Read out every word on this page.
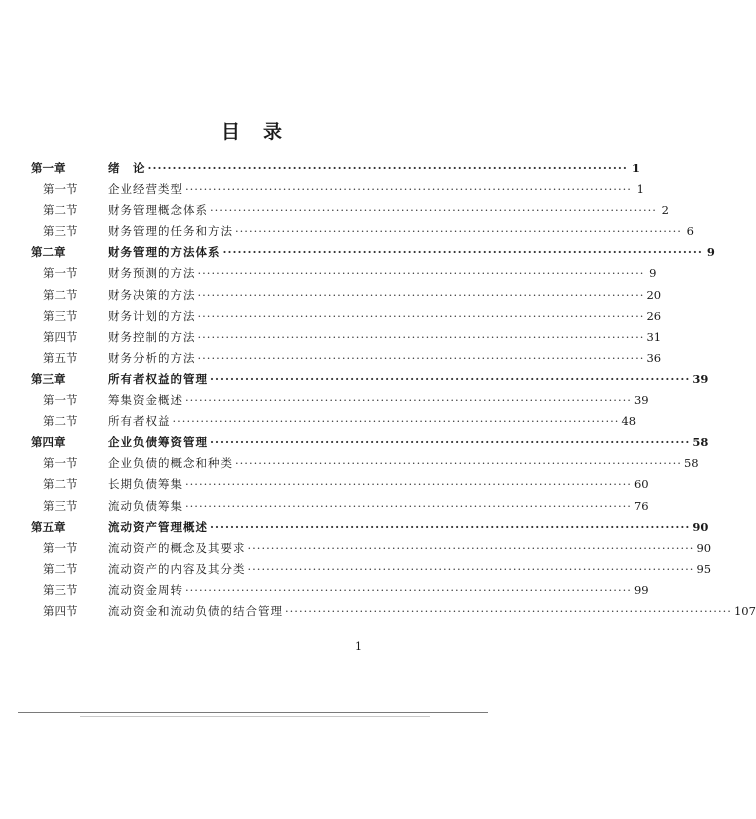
目　录
第一章	绪　论 ································································································ 1
第一节	企业经营类型 ································································································ 1
第二节	财务管理概念体系 ································································································ 2
第三节	财务管理的任务和方法 ································································································ 6
第二章	财务管理的方法体系 ································································································ 9
第一节	财务预测的方法 ································································································ 9
第二节	财务决策的方法 ································································································ 20
第三节	财务计划的方法 ································································································ 26
第四节	财务控制的方法 ································································································ 31
第五节	财务分析的方法 ································································································ 36
第三章	所有者权益的管理 ································································································ 39
第一节	筹集资金概述 ································································································ 39
第二节	所有者权益 ································································································ 48
第四章	企业负债筹资管理 ································································································ 58
第一节	企业负债的概念和种类 ································································································ 58
第二节	长期负债筹集 ································································································ 60
第三节	流动负债筹集 ································································································ 76
第五章	流动资产管理概述 ································································································ 90
第一节	流动资产的概念及其要求 ································································································ 90
第二节	流动资产的内容及其分类 ································································································ 95
第三节	流动资金周转 ································································································ 99
第四节	流动资金和流动负债的结合管理 ································································································ 107
1
